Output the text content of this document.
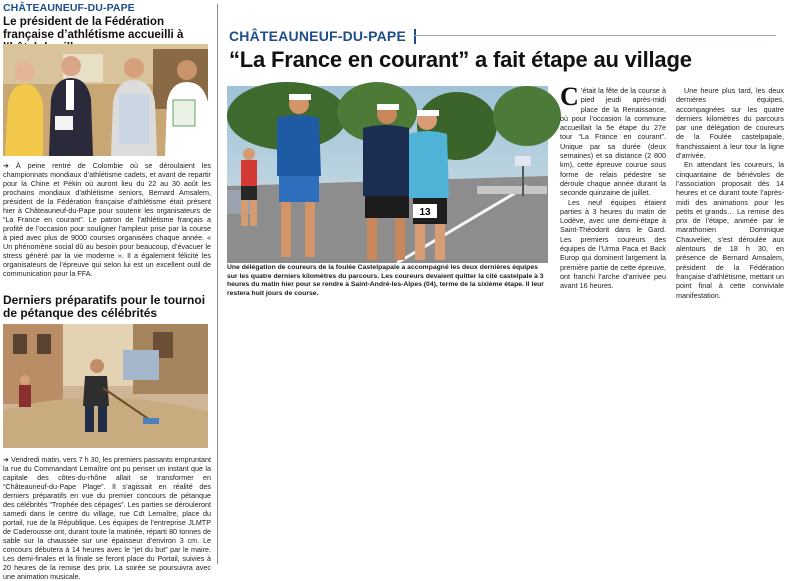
CHÂTEAUNEUF-DU-PAPE
Le président de la Fédération française d’athlétisme accueilli à
➔ À peine rentré de Colombie où se déroulaient les championnats mondiaux d’athlétisme cadets, et avant de repartir pour la Chine et Pékin où auront lieu du 22 au 30 août les prochains mondiaux d’athlétisme seniors, Bernard Amsalem, président de la Fédération française d’athlétisme était présent hier à Châteauneuf-du-Pape pour soutenir les organisateurs de “La France en courant”. Le patron de l’athlétisme français a profité de l’occasion pour souligner l’ampleur prise par la course à pied avec plus de 9000 courses organisées chaque année. « Un phénomène social dû au besoin pour beaucoup, d’évacuer le stress généré par la vie moderne ». Il a également félicité les organisateurs de l’épreuve qui selon lui est un excellent outil de communication pour la FFA.
Derniers préparatifs pour le tournoi de pétanque des célébrités
➔ Vendredi matin, vers 7 h 30, les premiers passants empruntant la rue du Commandant Lemaître ont pu penser un instant que la capitale des côtes-du-rhône allait se transformer en “Châteauneuf-du-Pape Plage”. Il s’agissait en réalité des derniers préparatifs en vue du premier concours de pétanque des célébrités “Trophée des cépages”. Les parties se dérouleront samedi dans le centre du village, rue Cdt Lemaître, place du portail, rue de la République. Les équipes de l’entreprise JLMTP de Caderousse ont, durant toute la matinée, réparti 80 tonnes de sable sur la chaussée sur une épaisseur d’environ 3 cm. Le concours débutera à 14 heures avec le “jet du but” par le maire. Les demi-finales et la finale se feront place du Portail, suivies à 20 heures de la remise des prix. La soirée se poursuivra avec une animation musicale.
CHÂTEAUNEUF-DU-PAPE
“La France en courant” a fait étape au village
13
Une délégation de coureurs de la foulée Castelpapale a accompagné les deux dernières équipes sur les quatre derniers kilomètres du parcours. Les coureurs devaient quitter la cité castelpale à 3 heures du matin hier pour se rendre à Saint-André-les-Alpes (04), terme de la sixième étape. Il leur restera huit jours de course.

C ’était la fête de la course à pied jeudi après-midi place de la Renaissance, où pour l’occasion la commune accueillait la 5e étape du 27e tour “La France en courant”. Unique par sa durée (deux semaines) et sa distance (2 800 km), cette épreuve courue sous forme de relais pédestre se déroule chaque année durant la seconde quinzaine de juillet.

Les neuf équipes étaient parties à 3 heures du matin de Lodève, avec une demi-étape à Saint-Théodorit dans le Gard. Les premiers coureurs des équipes de l’Urma Paca et Back Europ qui dominent largement la première partie de cette épreuve, ont franchi l’arche d’arrivée peu avant 16 heures.

Une heure plus tard, les deux dernières équipes, accompagnées sur les quatre derniers kilomètres du parcours par une délégation de coureurs de la Foulée castelpapale, franchissaient à leur tour la ligne d’arrivée.

En attendant les coureurs, la cinquantaine de bénévoles de l’association proposait dès 14 heures et ce durant toute l’après-midi des animations pour les petits et grands… La remise des prix de l’étape, animée par le marathonien Dominique Chauvelier, s’est déroulée aux alentours de 18 h 30, en présence de Bernard Amsalem, président de la Fédération française d’athlétisme, mettant un point final à cette conviviale manifestation.
